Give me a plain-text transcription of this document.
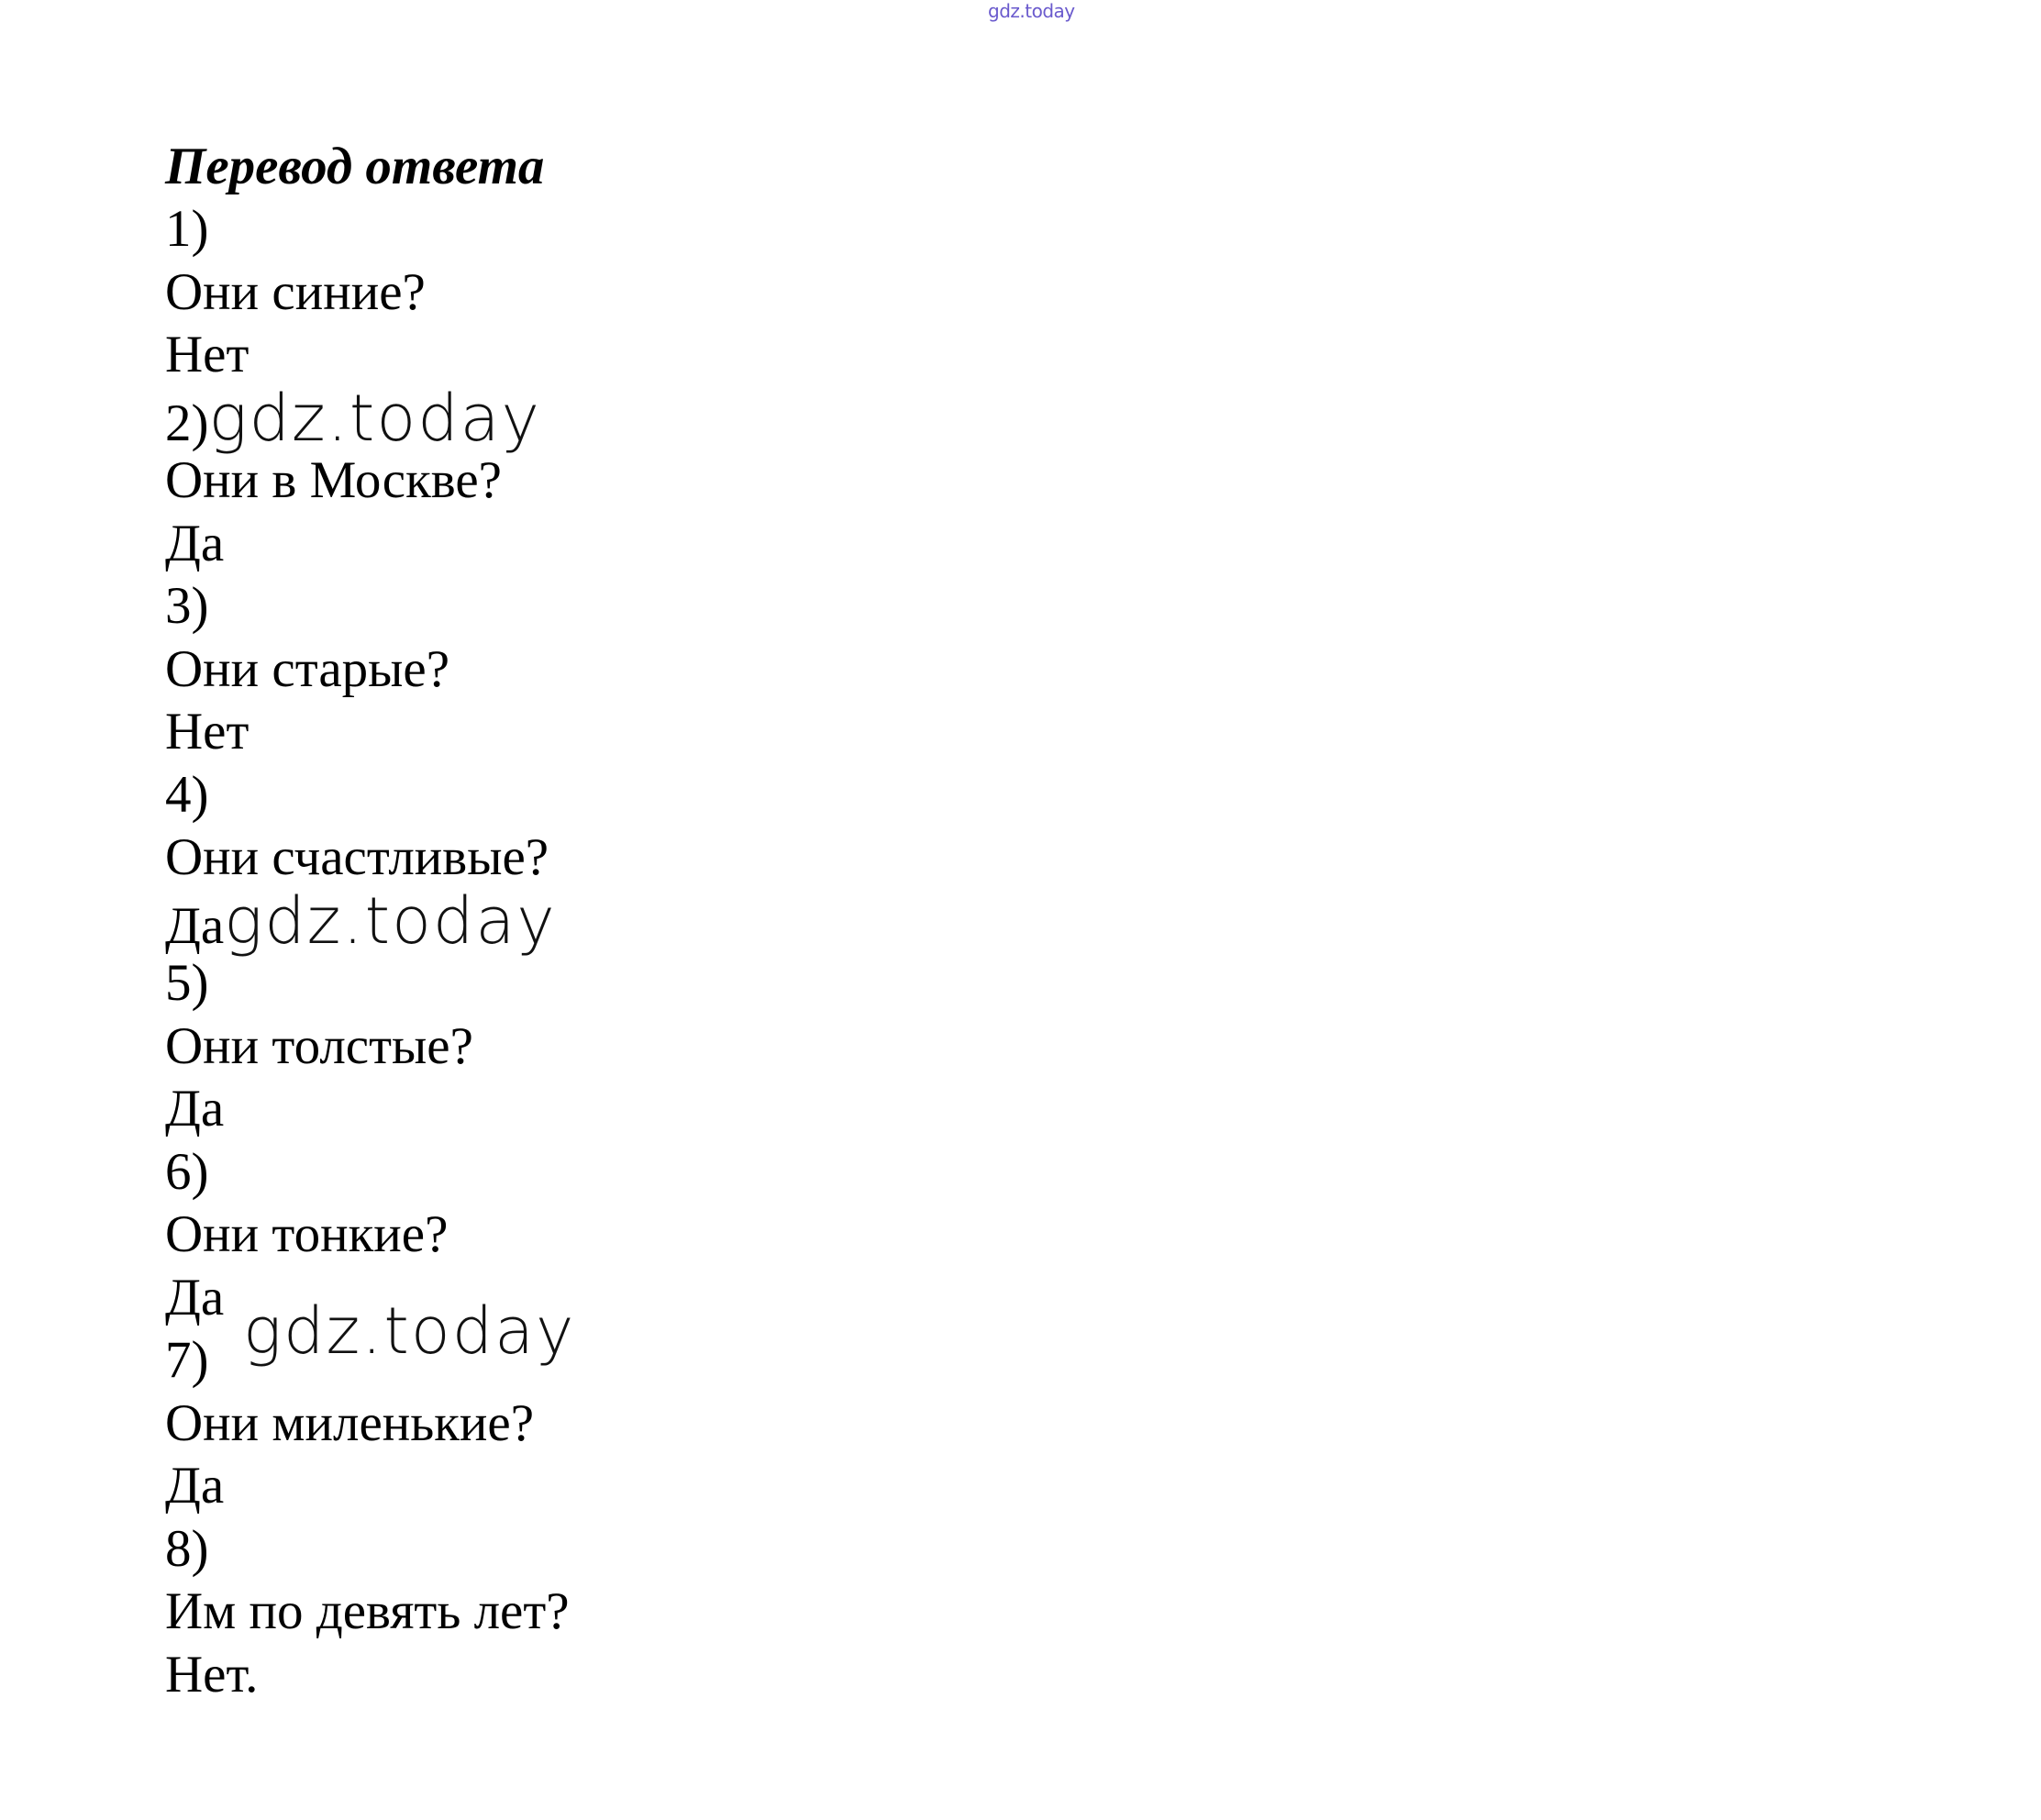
gdz.today
Перевод ответа
1)
Они синие?
Нет
2)gdz.today
Они в Москве?
Да
3)
Они старые?
Нет
4)
Они счастливые?
Даgdz.today
5)
Они толстые?
Да
6)
Они тонкие?
Да gdz.today
7)
Они миленькие?
Да
8)
Им по девять лет?
Нет.
